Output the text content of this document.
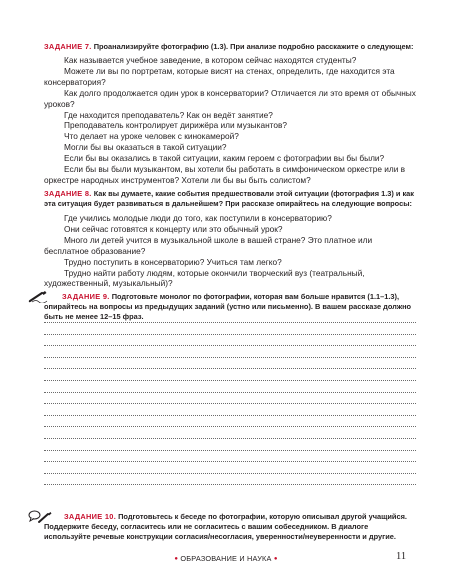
ЗАДАНИЕ 7. Проанализируйте фотографию (1.3). При анализе подробно расскажите о следующем:

Как называется учебное заведение, в котором сейчас находятся студенты?

Можете ли вы по портретам, которые висят на стенах, определить, где находится эта консерватория?

Как долго продолжается один урок в консерватории? Отличается ли это время от обычных уроков?

Где находится преподаватель? Как он ведёт занятие?

Преподаватель контролирует дирижёра или музыкантов?

Что делает на уроке человек с кинокамерой?

Могли бы вы оказаться в такой ситуации?

Если бы вы оказались в такой ситуации, каким героем с фотографии вы бы были?

Если бы вы были музыкантом, вы хотели бы работать в симфоническом оркестре или в оркестре народных инструментов? Хотели ли бы вы быть солистом?

ЗАДАНИЕ 8. Как вы думаете, какие события предшествовали этой ситуации (фотография 1.3) и как эта ситуация будет развиваться в дальнейшем? При рассказе опирайтесь на следующие вопросы:

Где учились молодые люди до того, как поступили в консерваторию?

Они сейчас готовятся к концерту или это обычный урок?

Много ли детей учится в музыкальной школе в вашей стране? Это платное или бесплатное образование?

Трудно поступить в консерваторию? Учиться там легко?

Трудно найти работу людям, которые окончили творческий вуз (театральный, художественный, музыкальный)?

ЗАДАНИЕ 9. Подготовьте монолог по фотографии, которая вам больше нравится (1.1–1.3), опирайтесь на вопросы из предыдущих заданий (устно или письменно). В вашем рассказе должно быть не менее 12–15 фраз.

ЗАДАНИЕ 10. Подготовьтесь к беседе по фотографии, которую описывал другой учащийся. Поддержите беседу, согласитесь или не согласитесь с вашим собеседником. В диалоге используйте речевые конструкции согласия/несогласия, уверенности/неуверенности и другие.

● ОБРАЗОВАНИЕ И НАУКА ●	11
